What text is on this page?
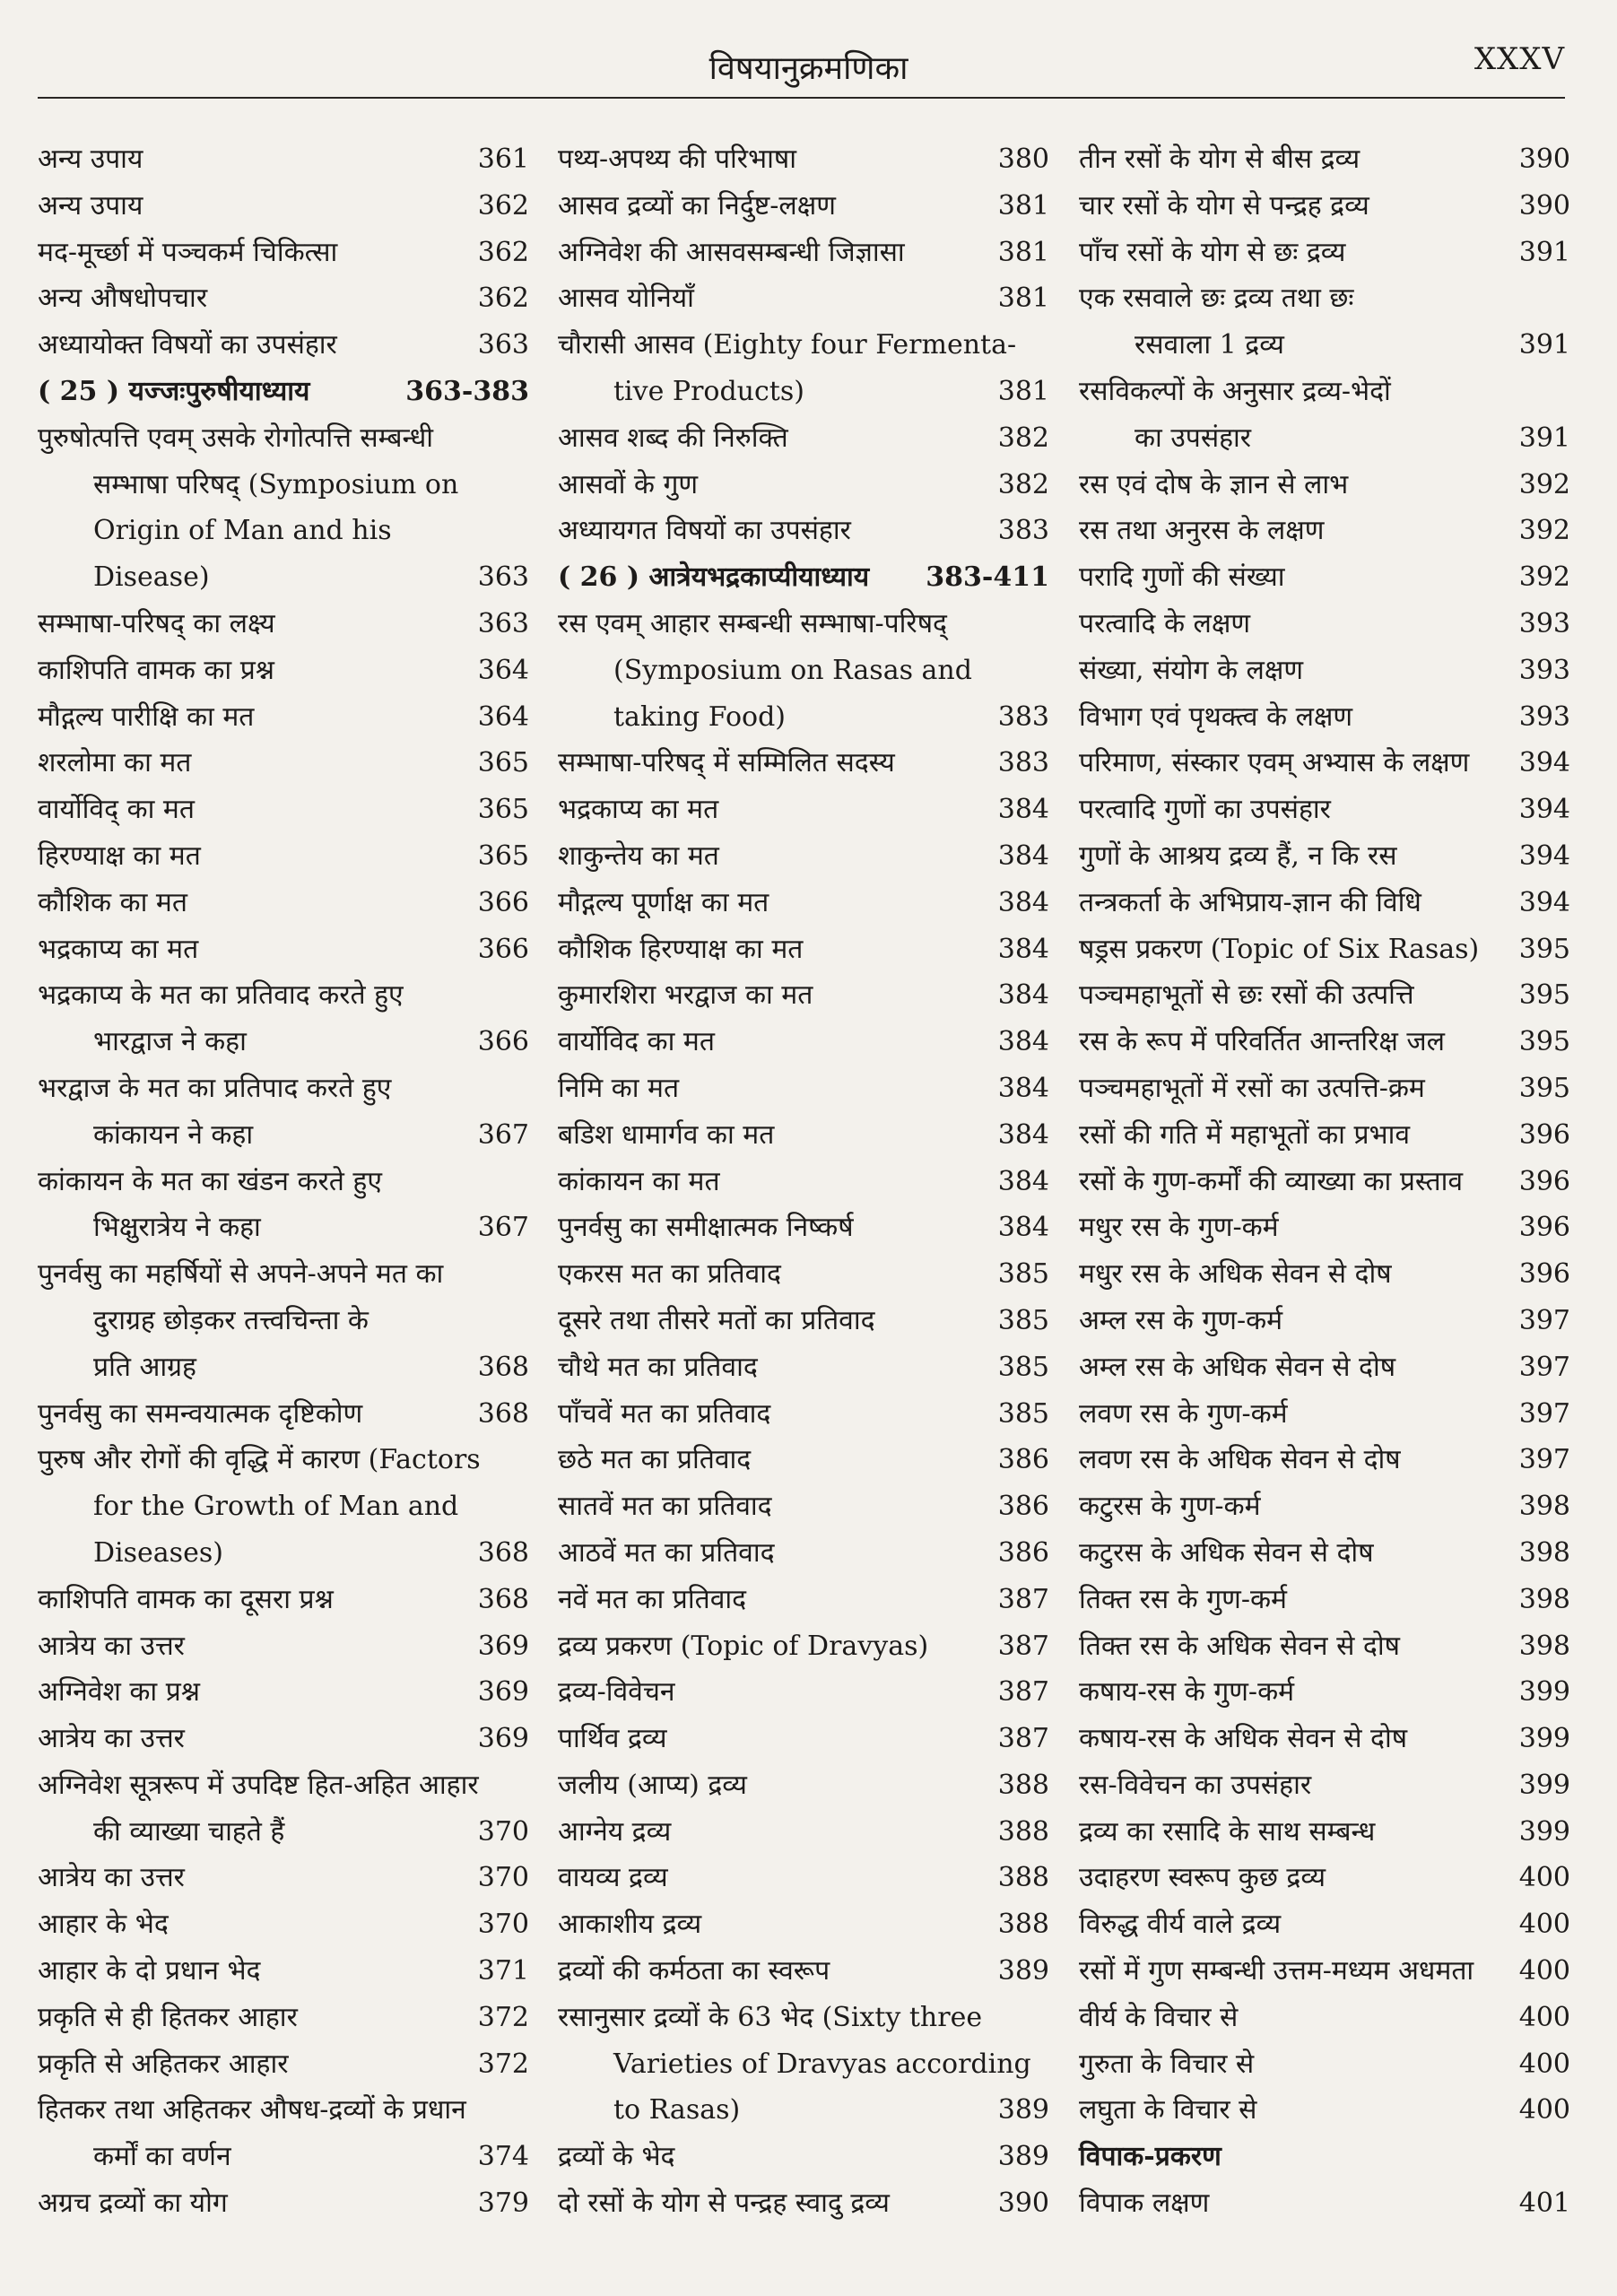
विषयानुक्रमणिका	XXXV
अन्य उपाय	361
अन्य उपाय	362
मद-मूर्च्छा में पञ्चकर्म चिकित्सा	362
अन्य औषधोपचार	362
अध्यायोक्त विषयों का उपसंहार	363
( 25 ) यज्जःपुरुषीयाध्याय	363-383
पुरुषोत्पत्ति एवम् उसके रोगोत्पत्ति सम्बन्धी
सम्भाषा परिषद् (Symposium on
Origin of Man and his
Disease)	363
सम्भाषा-परिषद् का लक्ष्य	363
काशिपति वामक का प्रश्न	364
मौद्गल्य पारीक्षि का मत	364
शरलोमा का मत	365
वार्योविद् का मत	365
हिरण्याक्ष का मत	365
कौशिक का मत	366
भद्रकाप्य का मत	366
भद्रकाप्य के मत का प्रतिवाद करते हुए
भारद्वाज ने कहा	366
भरद्वाज के मत का प्रतिपाद करते हुए
कांकायन ने कहा	367
कांकायन के मत का खंडन करते हुए
भिक्षुरात्रेय ने कहा	367
पुनर्वसु का महर्षियों से अपने-अपने मत का
दुराग्रह छोड़कर तत्त्वचिन्ता के
प्रति आग्रह	368
पुनर्वसु का समन्वयात्मक दृष्टिकोण	368
पुरुष और रोगों की वृद्धि में कारण (Factors
for the Growth of Man and
Diseases)	368
काशिपति वामक का दूसरा प्रश्न	368
आत्रेय का उत्तर	369
अग्निवेश का प्रश्न	369
आत्रेय का उत्तर	369
अग्निवेश सूत्ररूप में उपदिष्ट हित-अहित आहार
की व्याख्या चाहते हैं	370
आत्रेय का उत्तर	370
आहार के भेद	370
आहार के दो प्रधान भेद	371
प्रकृति से ही हितकर आहार	372
प्रकृति से अहितकर आहार	372
हितकर तथा अहितकर औषध-द्रव्यों के प्रधान
कर्मों का वर्णन	374
अग्रच द्रव्यों का योग	379
पथ्य-अपथ्य की परिभाषा	380
आसव द्रव्यों का निर्दुष्ट-लक्षण	381
अग्निवेश की आसवसम्बन्धी जिज्ञासा	381
आसव योनियाँ	381
चौरासी आसव (Eighty four Fermenta-
tive Products)	381
आसव शब्द की निरुक्ति	382
आसवों के गुण	382
अध्यायगत विषयों का उपसंहार	383
( 26 ) आत्रेयभद्रकाप्यीयाध्याय	383-411
रस एवम् आहार सम्बन्धी सम्भाषा-परिषद्
(Symposium on Rasas and
taking Food)	383
सम्भाषा-परिषद् में सम्मिलित सदस्य	383
भद्रकाप्य का मत	384
शाकुन्तेय का मत	384
मौद्गल्य पूर्णाक्ष का मत	384
कौशिक हिरण्याक्ष का मत	384
कुमारशिरा भरद्वाज का मत	384
वार्योविद का मत	384
निमि का मत	384
बडिश धामार्गव का मत	384
कांकायन का मत	384
पुनर्वसु का समीक्षात्मक निष्कर्ष	384
एकरस मत का प्रतिवाद	385
दूसरे तथा तीसरे मतों का प्रतिवाद	385
चौथे मत का प्रतिवाद	385
पाँचवें मत का प्रतिवाद	385
छठे मत का प्रतिवाद	386
सातवें मत का प्रतिवाद	386
आठवें मत का प्रतिवाद	386
नवें मत का प्रतिवाद	387
द्रव्य प्रकरण (Topic of Dravyas)	387
द्रव्य-विवेचन	387
पार्थिव द्रव्य	387
जलीय (आप्य) द्रव्य	388
आग्नेय द्रव्य	388
वायव्य द्रव्य	388
आकाशीय द्रव्य	388
द्रव्यों की कर्मठता का स्वरूप	389
रसानुसार द्रव्यों के 63 भेद (Sixty three
Varieties of Dravyas according
to Rasas)	389
द्रव्यों के भेद	389
दो रसों के योग से पन्द्रह स्वादु द्रव्य	390
तीन रसों के योग से बीस द्रव्य	390
चार रसों के योग से पन्द्रह द्रव्य	390
पाँच रसों के योग से छः द्रव्य	391
एक रसवाले छः द्रव्य तथा छः
रसवाला 1 द्रव्य	391
रसविकल्पों के अनुसार द्रव्य-भेदों
का उपसंहार	391
रस एवं दोष के ज्ञान से लाभ	392
रस तथा अनुरस के लक्षण	392
परादि गुणों की संख्या	392
परत्वादि के लक्षण	393
संख्या, संयोग के लक्षण	393
विभाग एवं पृथक्त्व के लक्षण	393
परिमाण, संस्कार एवम् अभ्यास के लक्षण	394
परत्वादि गुणों का उपसंहार	394
गुणों के आश्रय द्रव्य हैं, न कि रस	394
तन्त्रकर्ता के अभिप्राय-ज्ञान की विधि	394
षड्रस प्रकरण (Topic of Six Rasas)	395
पञ्चमहाभूतों से छः रसों की उत्पत्ति	395
रस के रूप में परिवर्तित आन्तरिक्ष जल	395
पञ्चमहाभूतों में रसों का उत्पत्ति-क्रम	395
रसों की गति में महाभूतों का प्रभाव	396
रसों के गुण-कर्मों की व्याख्या का प्रस्ताव	396
मधुर रस के गुण-कर्म	396
मधुर रस के अधिक सेवन से दोष	396
अम्ल रस के गुण-कर्म	397
अम्ल रस के अधिक सेवन से दोष	397
लवण रस के गुण-कर्म	397
लवण रस के अधिक सेवन से दोष	397
कटुरस के गुण-कर्म	398
कटुरस के अधिक सेवन से दोष	398
तिक्त रस के गुण-कर्म	398
तिक्त रस के अधिक सेवन से दोष	398
कषाय-रस के गुण-कर्म	399
कषाय-रस के अधिक सेवन से दोष	399
रस-विवेचन का उपसंहार	399
द्रव्य का रसादि के साथ सम्बन्ध	399
उदाहरण स्वरूप कुछ द्रव्य	400
विरुद्ध वीर्य वाले द्रव्य	400
रसों में गुण सम्बन्धी उत्तम-मध्यम अधमता	400
वीर्य के विचार से	400
गुरुता के विचार से	400
लघुता के विचार से	400
विपाक-प्रकरण
विपाक लक्षण	401
